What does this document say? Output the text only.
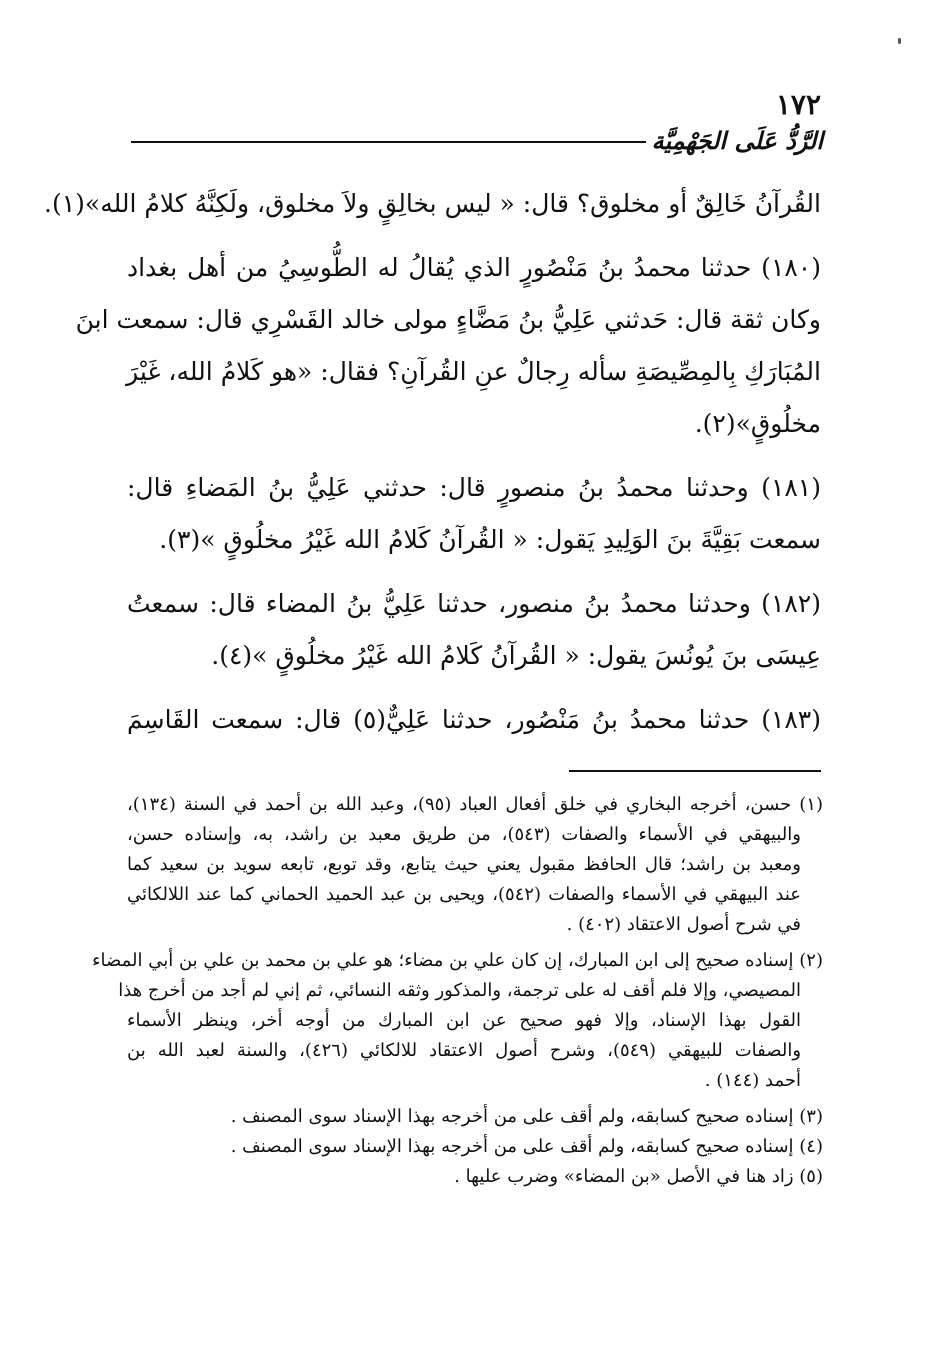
١٧٢
الرَّدُّ عَلَى الجَهْمِيَّة
القُرآنُ خَالِقٌ أو مخلوق؟ قال: « ليس بخالِقٍ ولاَ مخلوق، ولَكِنَّهُ كلامُ الله»(١).
(١٨٠) حدثنا محمدُ بنُ مَنْصُورٍ الذي يُقالُ له الطُّوسِيُ من أهل بغداد
وكان ثقة قال: حَدثني عَلِيُّ بنُ مَضَّاءٍ مولى خالد القَسْرِي قال: سمعت ابنَ
المُبَارَكِ بِالمِصِّيصَةِ سأله رِجالٌ عنِ القُرآنِ؟ فقال: «هو كَلامُ الله، غَيْرَ
مخلُوقٍ»(٢).
(١٨١) وحدثنا محمدُ بنُ منصورٍ قال: حدثني عَلِيُّ بنُ المَضاءِ قال:
سمعت بَقِيَّةَ بنَ الوَلِيدِ يَقول: « القُرآنُ كَلامُ الله غَيْرُ مخلُوقٍ »(٣).
(١٨٢) وحدثنا محمدُ بنُ منصور، حدثنا عَلِيُّ بنُ المضاء قال: سمعتُ
عِيسَى بنَ يُونُسَ يقول: « القُرآنُ كَلامُ الله غَيْرُ مخلُوقٍ »(٤).
(١٨٣) حدثنا محمدُ بنُ مَنْصُور، حدثنا عَلِيٌّ(٥) قال: سمعت القَاسِمَ
(١) حسن، أخرجه البخاري في خلق أفعال العباد (٩٥)، وعبد الله بن أحمد في السنة (١٣٤)،
والبيهقي في الأسماء والصفات (٥٤٣)، من طريق معبد بن راشد، به، وإسناده حسن،
ومعبد بن راشد؛ قال الحافظ مقبول يعني حيث يتابع، وقد توبع، تابعه سويد بن سعيد كما
عند البيهقي في الأسماء والصفات (٥٤٢)، ويحيى بن عبد الحميد الحماني كما عند اللالكائي
في شرح أصول الاعتقاد (٤٠٢) .
(٢) إسناده صحيح إلى ابن المبارك، إن كان علي بن مضاء؛ هو علي بن محمد بن علي بن أبي المضاء
المصيصي، وإلا فلم أقف له على ترجمة، والمذكور وثقه النسائي، ثم إني لم أجد من أخرج هذا
القول بهذا الإسناد، وإلا فهو صحيح عن ابن المبارك من أوجه أخر، وينظر الأسماء
والصفات للبيهقي (٥٤٩)، وشرح أصول الاعتقاد للالكائي (٤٢٦)، والسنة لعبد الله بن
أحمد (١٤٤) .
(٣) إسناده صحيح كسابقه، ولم أقف على من أخرجه بهذا الإسناد سوى المصنف .
(٤) إسناده صحيح كسابقه، ولم أقف على من أخرجه بهذا الإسناد سوى المصنف .
(٥) زاد هنا في الأصل «بن المضاء» وضرب عليها .
